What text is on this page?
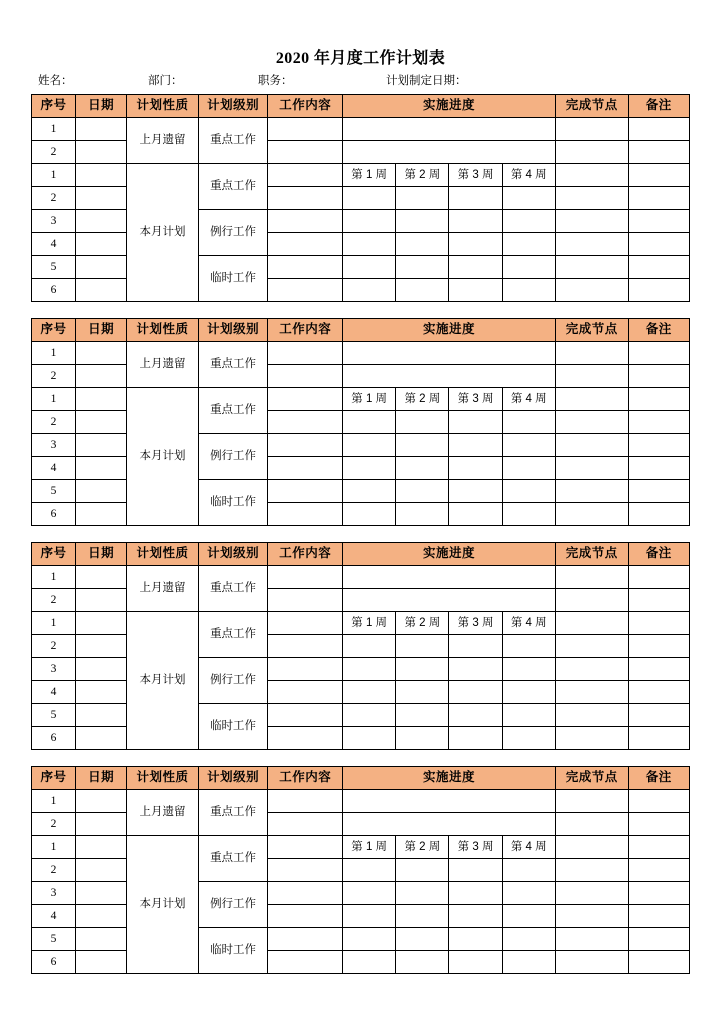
2020 年月度工作计划表
姓名：	部门：	职务：	计划制定日期：
序号	日期	计划性质	计划级别	工作内容	实施进度				完成节点	备注
1		上月遗留	重点工作							
2										
1		本月计划	重点工作		第 1 周	第 2 周	第 3 周	第 4 周		
2										
3			例行工作							
4										
5			临时工作							
6										
序号	日期	计划性质	计划级别	工作内容	实施进度				完成节点	备注
1		上月遗留	重点工作							
2										
1		本月计划	重点工作		第 1 周	第 2 周	第 3 周	第 4 周		
2										
3			例行工作							
4										
5			临时工作							
6										
序号	日期	计划性质	计划级别	工作内容	实施进度				完成节点	备注
1		上月遗留	重点工作							
2										
1		本月计划	重点工作		第 1 周	第 2 周	第 3 周	第 4 周		
2										
3			例行工作							
4										
5			临时工作							
6										
序号	日期	计划性质	计划级别	工作内容	实施进度				完成节点	备注
1		上月遗留	重点工作							
2										
1		本月计划	重点工作		第 1 周	第 2 周	第 3 周	第 4 周		
2										
3			例行工作							
4										
5			临时工作							
6										
